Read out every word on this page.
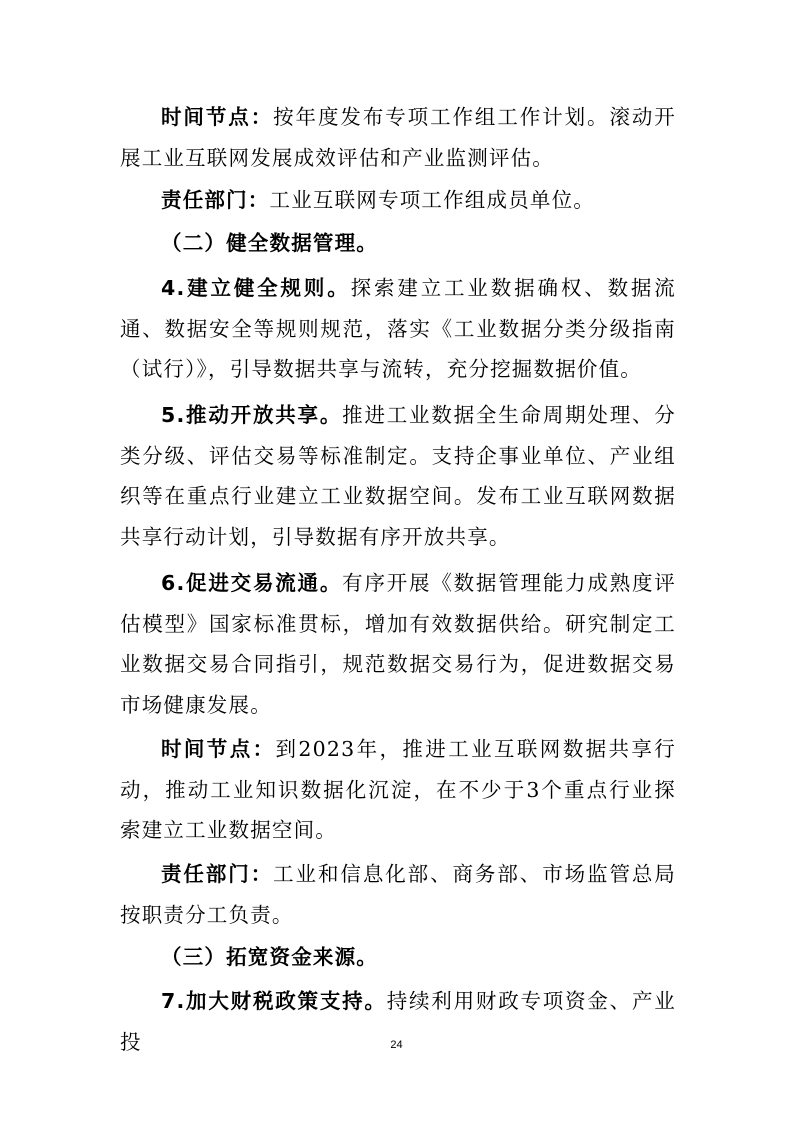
时间节点：按年度发布专项工作组工作计划。滚动开展工业互联网发展成效评估和产业监测评估。

责任部门：工业互联网专项工作组成员单位。

（二）健全数据管理。

4.建立健全规则。探索建立工业数据确权、数据流通、数据安全等规则规范，落实《工业数据分类分级指南（试行）》，引导数据共享与流转，充分挖掘数据价值。

5.推动开放共享。推进工业数据全生命周期处理、分类分级、评估交易等标准制定。支持企事业单位、产业组织等在重点行业建立工业数据空间。发布工业互联网数据共享行动计划，引导数据有序开放共享。

6.促进交易流通。有序开展《数据管理能力成熟度评估模型》国家标准贯标，增加有效数据供给。研究制定工业数据交易合同指引，规范数据交易行为，促进数据交易市场健康发展。

时间节点：到2023年，推进工业互联网数据共享行动，推动工业知识数据化沉淀，在不少于3个重点行业探索建立工业数据空间。

责任部门：工业和信息化部、商务部、市场监管总局按职责分工负责。

（三）拓宽资金来源。

7.加大财税政策支持。持续利用财政专项资金、产业投	24
